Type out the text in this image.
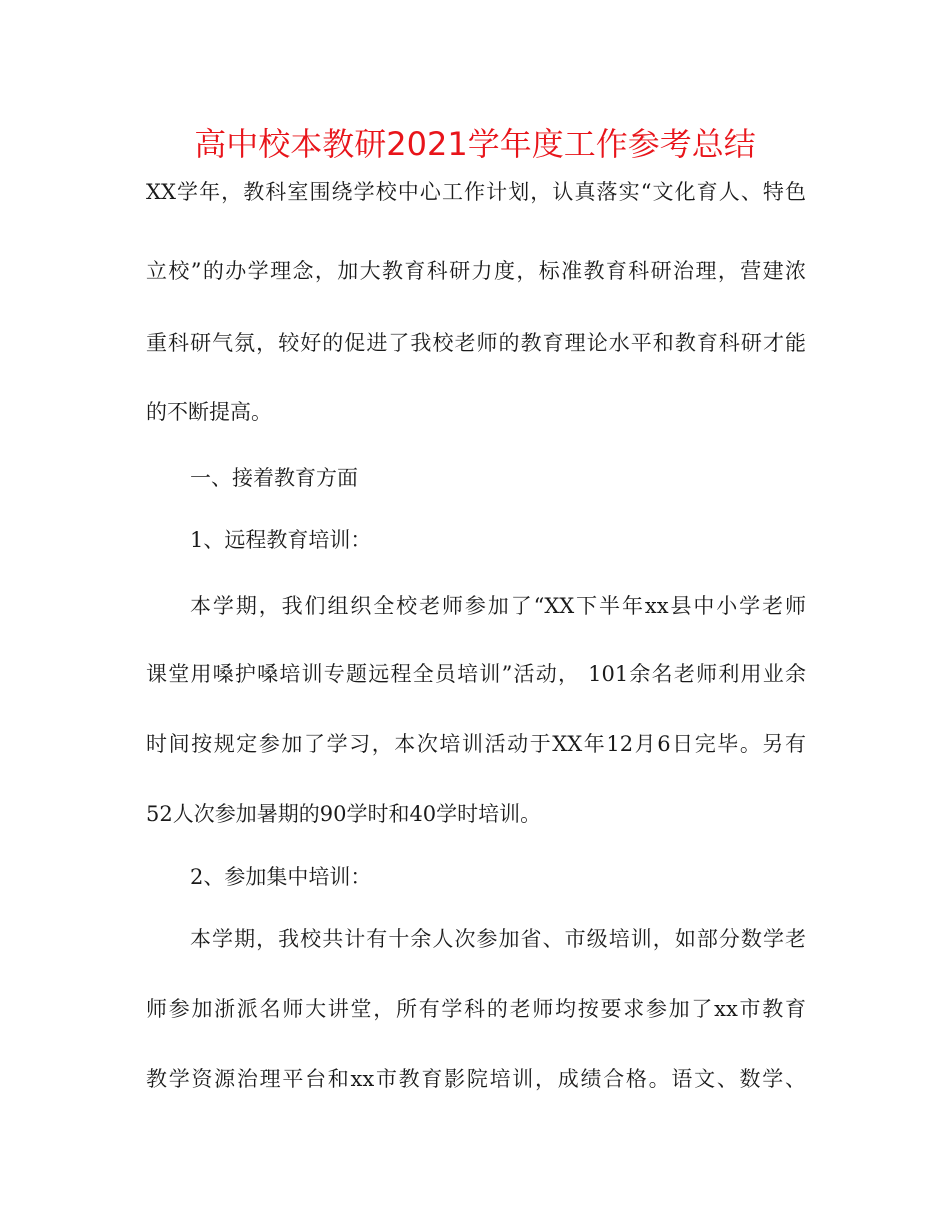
高中校本教研2021学年度工作参考总结

XX学年，教科室围绕学校中心工作计划，认真落实“文化育人、特色

立校”的办学理念，加大教育科研力度，标准教育科研治理，营建浓

重科研气氛，较好的促进了我校老师的教育理论水平和教育科研才能

的不断提高。

一、接着教育方面

1、远程教育培训：

本学期，我们组织全校老师参加了“XX下半年xx县中小学老师

课堂用嗓护嗓培训专题远程全员培训”活动， 101余名老师利用业余

时间按规定参加了学习，本次培训活动于XX年12月6日完毕。另有

52人次参加暑期的90学时和40学时培训。

2、参加集中培训：

本学期，我校共计有十余人次参加省、市级培训，如部分数学老

师参加浙派名师大讲堂，所有学科的老师均按要求参加了xx市教育

教学资源治理平台和xx市教育影院培训，成绩合格。语文、数学、
